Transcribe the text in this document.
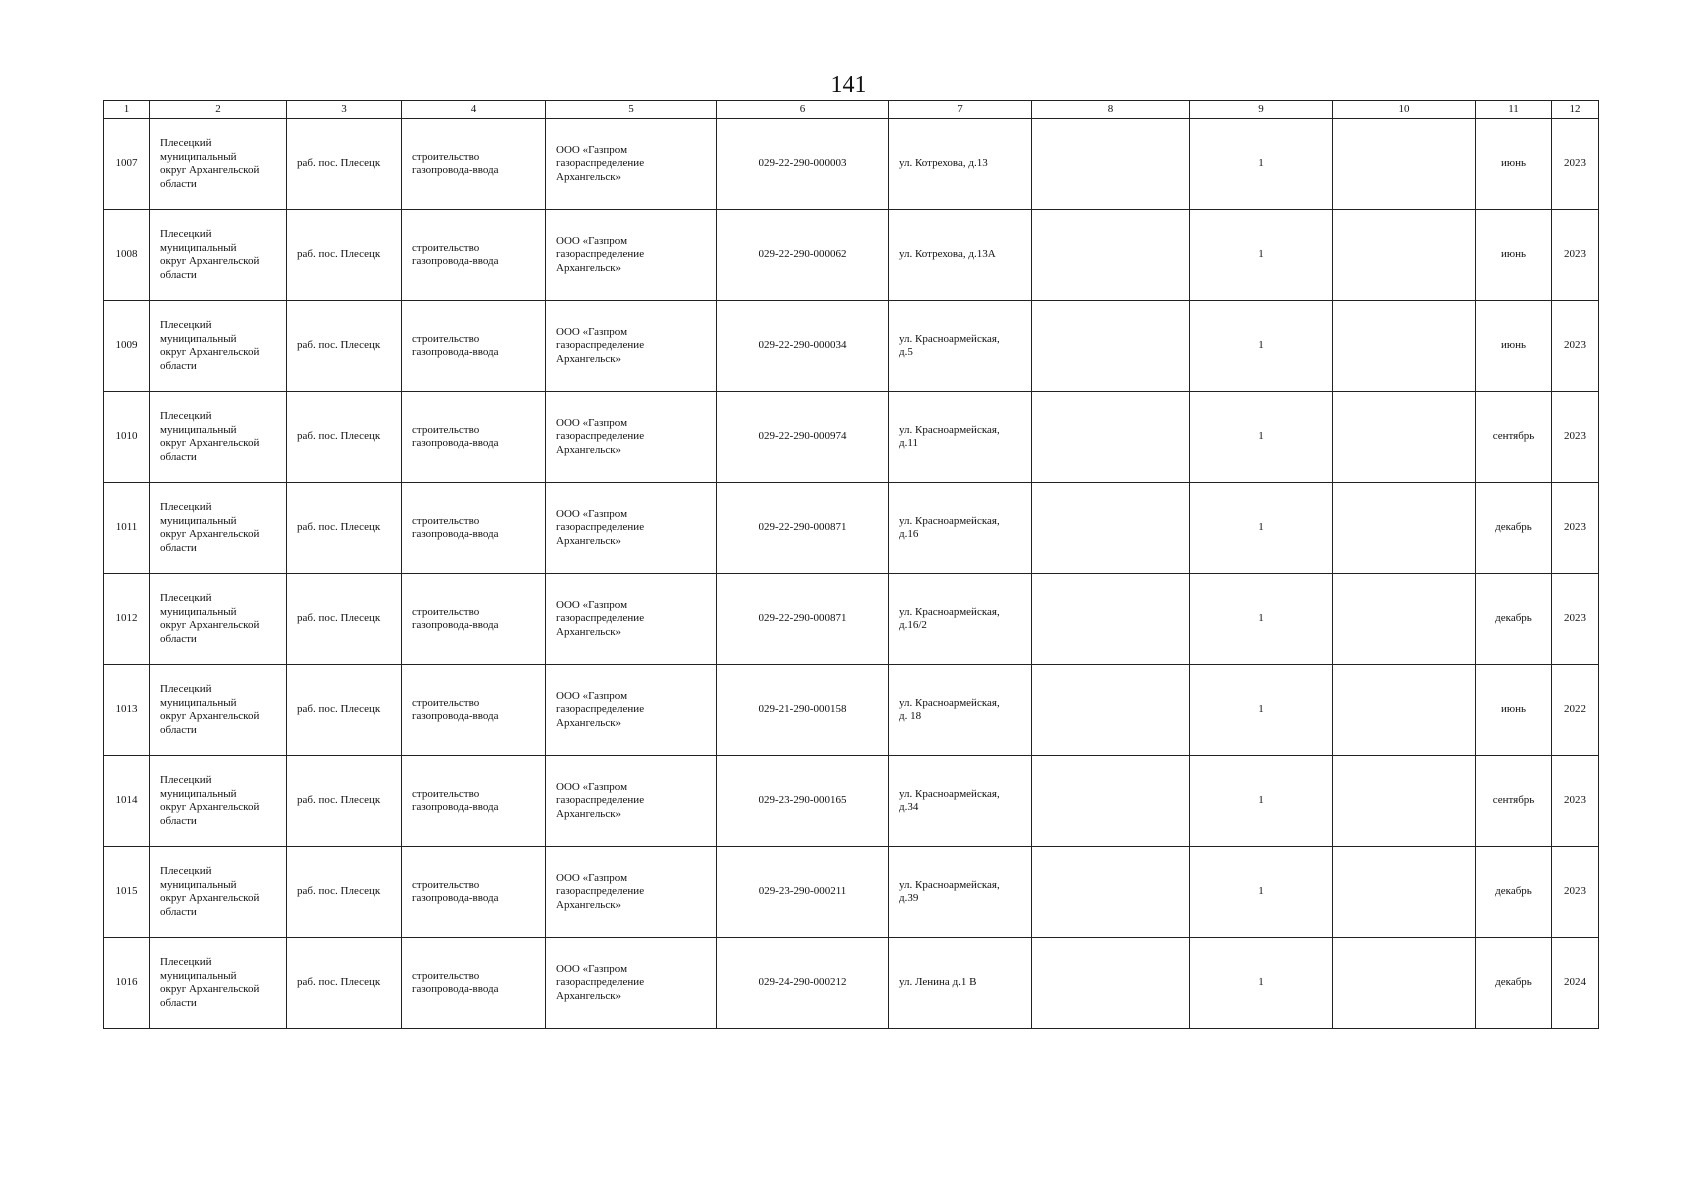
141
1	2	3	4	5	6	7	8	9	10	11	12
1007	Плесецкий
муниципальный
округ Архангельской
области	раб. пос. Плесецк	строительство
газопровода-ввода	ООО «Газпром
газораспределение
Архангельск»	029-22-290-000003	ул. Котрехова, д.13		1		июнь	2023
1008	Плесецкий
муниципальный
округ Архангельской
области	раб. пос. Плесецк	строительство
газопровода-ввода	ООО «Газпром
газораспределение
Архангельск»	029-22-290-000062	ул. Котрехова, д.13А		1		июнь	2023
1009	Плесецкий
муниципальный
округ Архангельской
области	раб. пос. Плесецк	строительство
газопровода-ввода	ООО «Газпром
газораспределение
Архангельск»	029-22-290-000034	ул. Красноармейская,
д.5		1		июнь	2023
1010	Плесецкий
муниципальный
округ Архангельской
области	раб. пос. Плесецк	строительство
газопровода-ввода	ООО «Газпром
газораспределение
Архангельск»	029-22-290-000974	ул. Красноармейская,
д.11		1		сентябрь	2023
1011	Плесецкий
муниципальный
округ Архангельской
области	раб. пос. Плесецк	строительство
газопровода-ввода	ООО «Газпром
газораспределение
Архангельск»	029-22-290-000871	ул. Красноармейская,
д.16		1		декабрь	2023
1012	Плесецкий
муниципальный
округ Архангельской
области	раб. пос. Плесецк	строительство
газопровода-ввода	ООО «Газпром
газораспределение
Архангельск»	029-22-290-000871	ул. Красноармейская,
д.16/2		1		декабрь	2023
1013	Плесецкий
муниципальный
округ Архангельской
области	раб. пос. Плесецк	строительство
газопровода-ввода	ООО «Газпром
газораспределение
Архангельск»	029-21-290-000158	ул. Красноармейская,
д. 18		1		июнь	2022
1014	Плесецкий
муниципальный
округ Архангельской
области	раб. пос. Плесецк	строительство
газопровода-ввода	ООО «Газпром
газораспределение
Архангельск»	029-23-290-000165	ул. Красноармейская,
д.34		1		сентябрь	2023
1015	Плесецкий
муниципальный
округ Архангельской
области	раб. пос. Плесецк	строительство
газопровода-ввода	ООО «Газпром
газораспределение
Архангельск»	029-23-290-000211	ул. Красноармейская,
д.39		1		декабрь	2023
1016	Плесецкий
муниципальный
округ Архангельской
области	раб. пос. Плесецк	строительство
газопровода-ввода	ООО «Газпром
газораспределение
Архангельск»	029-24-290-000212	ул. Ленина д.1 В		1		декабрь	2024
